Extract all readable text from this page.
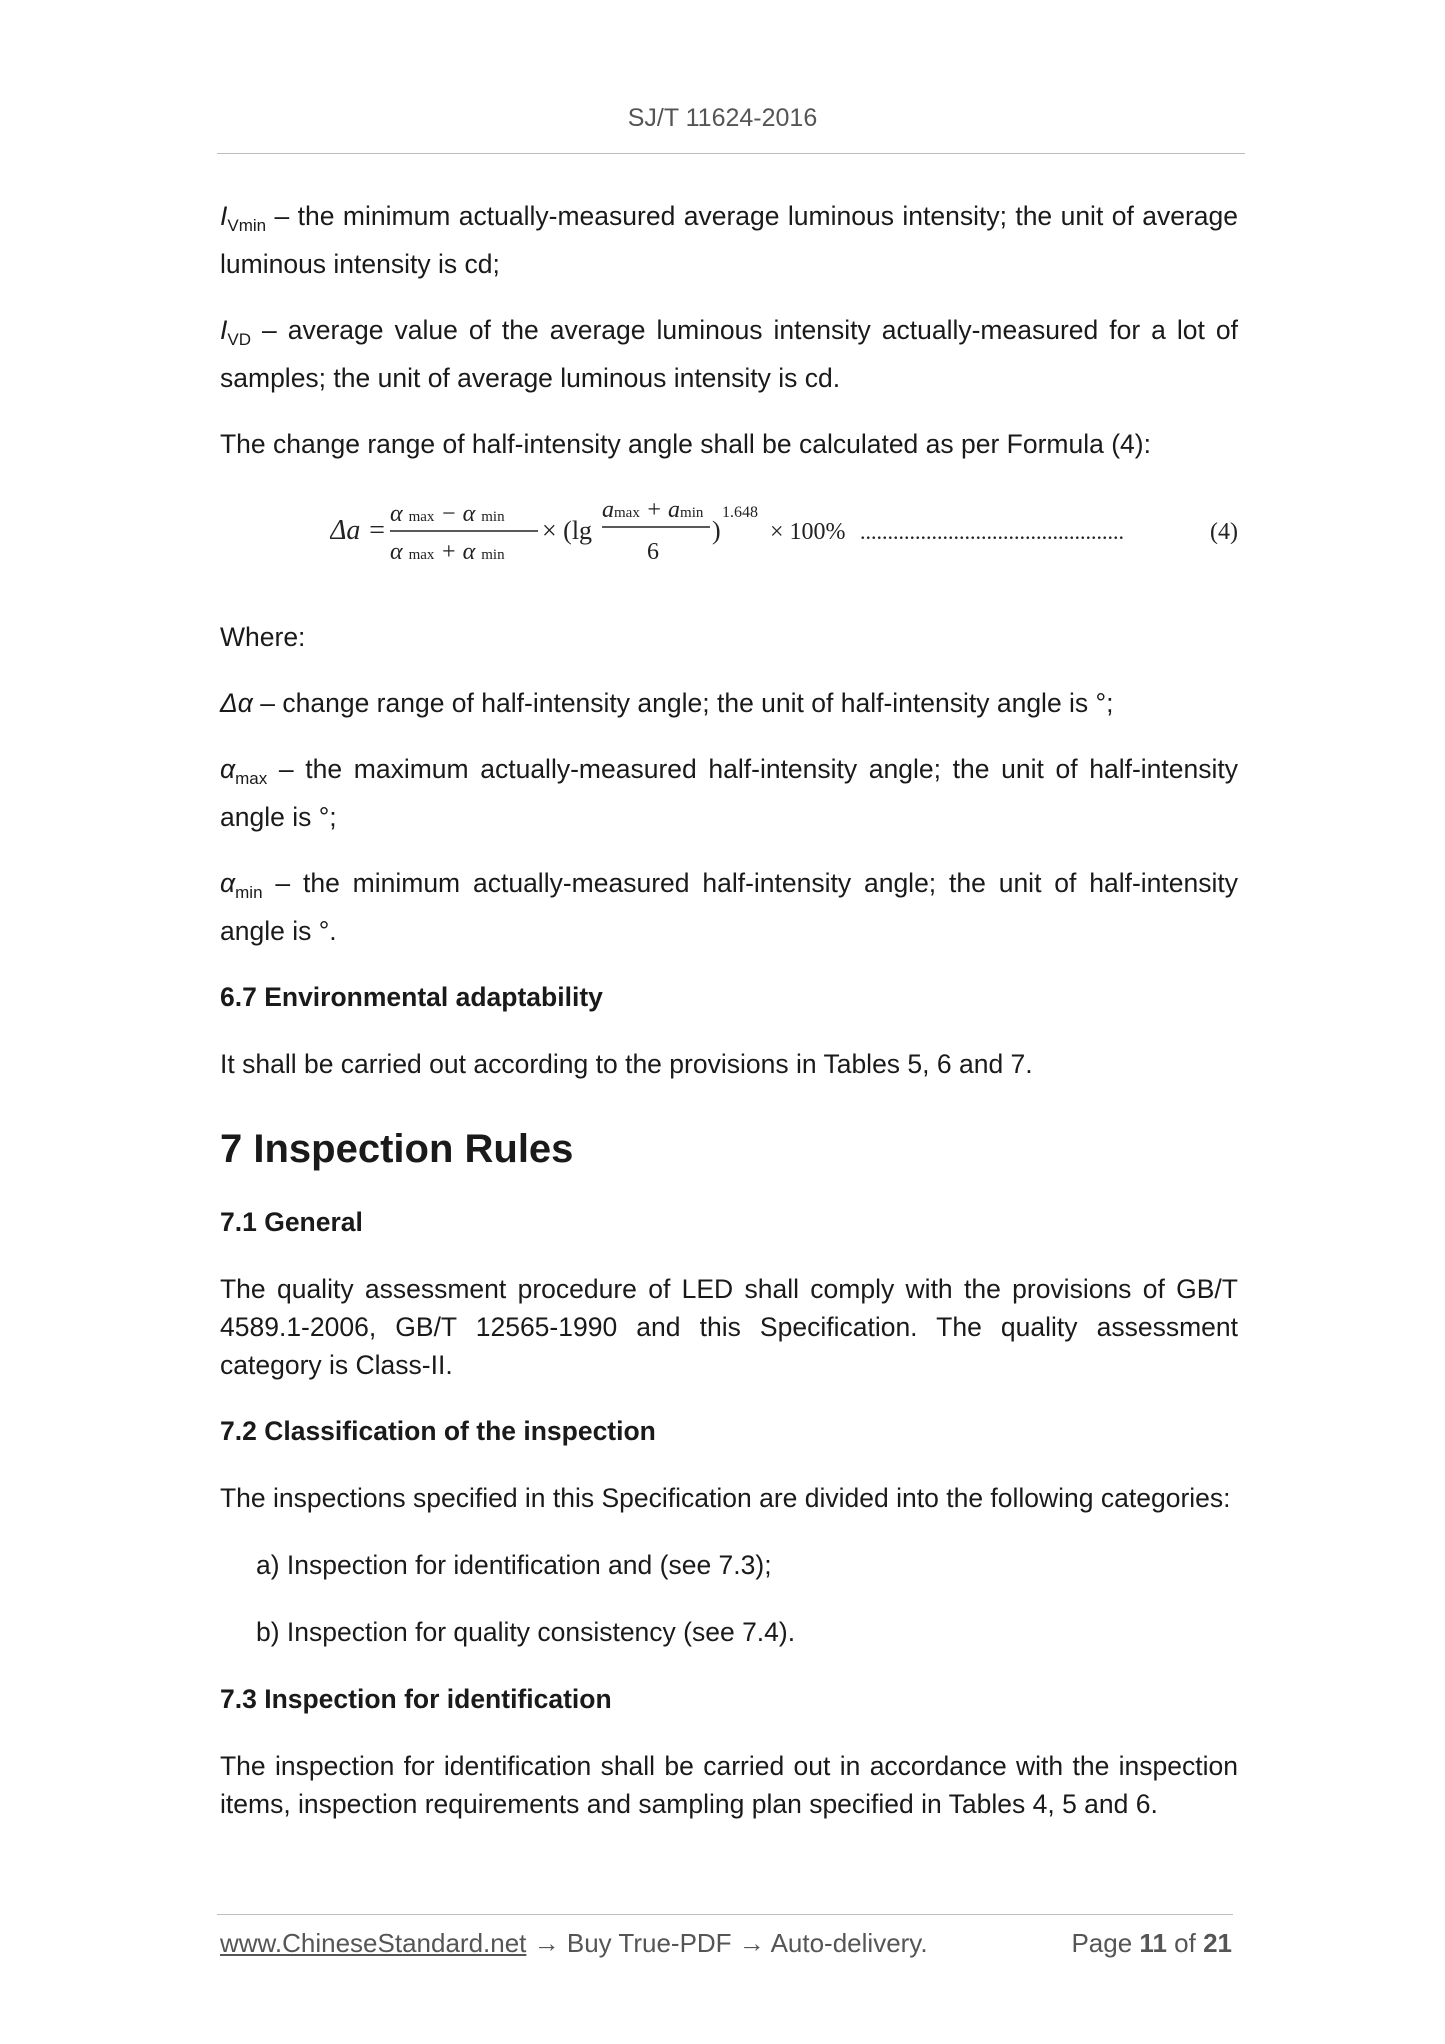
SJ/T 11624-2016

$I_{Vmin}$ – the minimum actually-measured average luminous intensity; the unit of average luminous intensity is cd;

$I_{VD}$ – average value of the average luminous intensity actually-measured for a lot of samples; the unit of average luminous intensity is cd.

The change range of half-intensity angle shall be calculated as per Formula (4):

Δa =
α max − α min
α max + α min
× (lg
amax + amin
6
)
1.648
× 100% ................................................	(4)

Where:

Δα – change range of half-intensity angle; the unit of half-intensity angle is °;

$\alpha_{max}$ – the maximum actually-measured half-intensity angle; the unit of half-intensity angle is °;

$\alpha_{min}$ – the minimum actually-measured half-intensity angle; the unit of half-intensity angle is °.

6.7 Environmental adaptability

It shall be carried out according to the provisions in Tables 5, 6 and 7.

7 Inspection Rules
7.1 General

The quality assessment procedure of LED shall comply with the provisions of GB/T 4589.1-2006, GB/T 12565-1990 and this Specification. The quality assessment category is Class-II.

7.2 Classification of the inspection

The inspections specified in this Specification are divided into the following categories:

a) Inspection for identification and (see 7.3);

b) Inspection for quality consistency (see 7.4).

7.3 Inspection for identification

The inspection for identification shall be carried out in accordance with the inspection items, inspection requirements and sampling plan specified in Tables 4, 5 and 6.

www.ChineseStandard.net → Buy True-PDF → Auto-delivery.	Page 11 of 21
